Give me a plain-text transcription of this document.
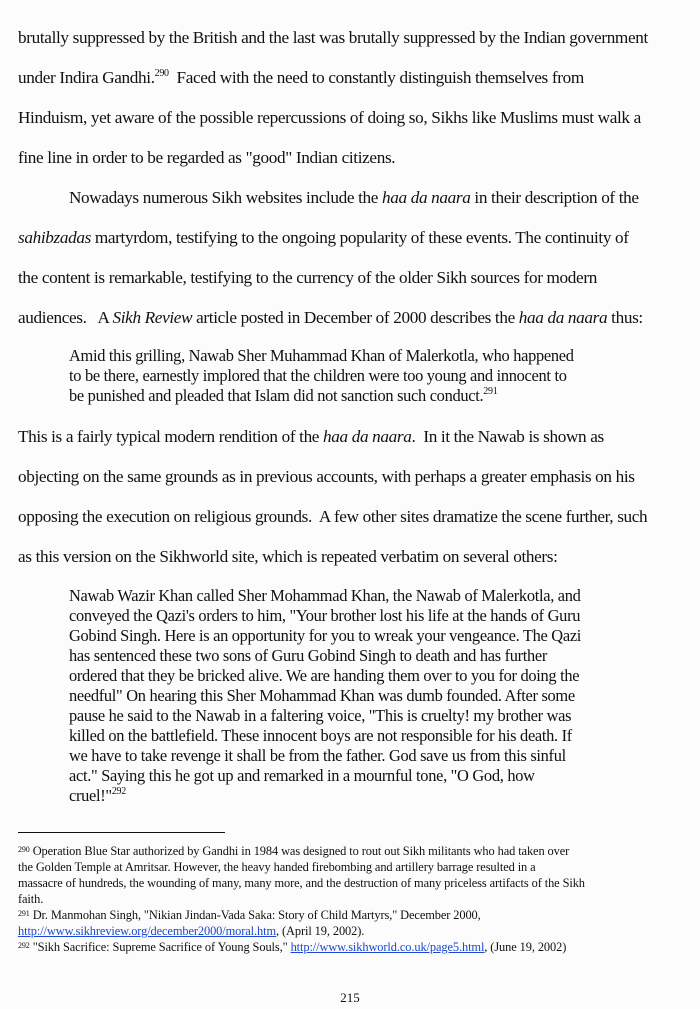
brutally suppressed by the British and the last was brutally suppressed by the Indian government
under Indira Gandhi.$^{290}$ Faced with the need to constantly distinguish themselves from
Hinduism, yet aware of the possible repercussions of doing so, Sikhs like Muslims must walk a
fine line in order to be regarded as "good" Indian citizens.
Nowadays numerous Sikh websites include the haa da naara in their description of the
sahibzadas martyrdom, testifying to the ongoing popularity of these events. The continuity of
the content is remarkable, testifying to the currency of the older Sikh sources for modern
audiences.   A Sikh Review article posted in December of 2000 describes the haa da naara thus:
Amid this grilling, Nawab Sher Muhammad Khan of Malerkotla, who happened
to be there, earnestly implored that the children were too young and innocent to
be punished and pleaded that Islam did not sanction such conduct.$^{291}$
This is a fairly typical modern rendition of the haa da naara.  In it the Nawab is shown as
objecting on the same grounds as in previous accounts, with perhaps a greater emphasis on his
opposing the execution on religious grounds.  A few other sites dramatize the scene further, such
as this version on the Sikhworld site, which is repeated verbatim on several others:
Nawab Wazir Khan called Sher Mohammad Khan, the Nawab of Malerkotla, and
conveyed the Qazi's orders to him, "Your brother lost his life at the hands of Guru
Gobind Singh. Here is an opportunity for you to wreak your vengeance. The Qazi
has sentenced these two sons of Guru Gobind Singh to death and has further
ordered that they be bricked alive. We are handing them over to you for doing the
needful" On hearing this Sher Mohammad Khan was dumb founded. After some
pause he said to the Nawab in a faltering voice, "This is cruelty! my brother was
killed on the battlefield. These innocent boys are not responsible for his death. If
we have to take revenge it shall be from the father. God save us from this sinful
act." Saying this he got up and remarked in a mournful tone, "O God, how
cruel!"$^{292}$
$^{290}$ Operation Blue Star authorized by Gandhi in 1984 was designed to rout out Sikh militants who had taken over
the Golden Temple at Amritsar. However, the heavy handed firebombing and artillery barrage resulted in a
massacre of hundreds, the wounding of many, many more, and the destruction of many priceless artifacts of the Sikh
faith.
$^{291}$ Dr. Manmohan Singh, "Nikian Jindan-Vada Saka: Story of Child Martyrs," December 2000,
http://www.sikhreview.org/december2000/moral.htm, (April 19, 2002).
$^{292}$ "Sikh Sacrifice: Supreme Sacrifice of Young Souls," http://www.sikhworld.co.uk/page5.html, (June 19, 2002)
215
